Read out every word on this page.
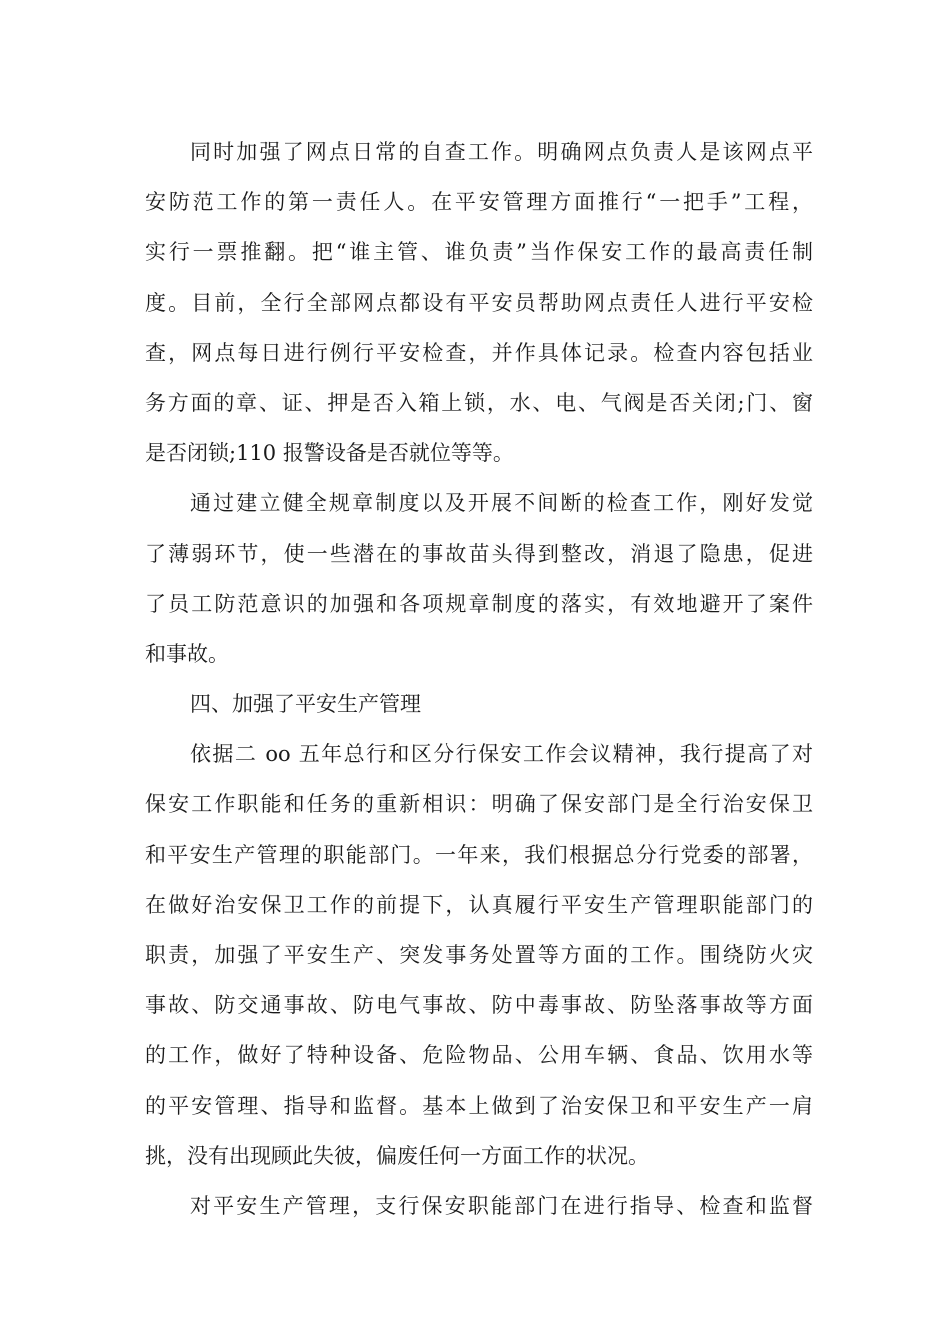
同时加强了网点日常的自查工作。明确网点负责人是该网点平
安防范工作的第一责任人。在平安管理方面推行“一把手”工程，
实行一票推翻。把“谁主管、谁负责”当作保安工作的最高责任制
度。目前，全行全部网点都设有平安员帮助网点责任人进行平安检
查，网点每日进行例行平安检查，并作具体记录。检查内容包括业
务方面的章、证、押是否入箱上锁，水、电、气阀是否关闭;门、窗
是否闭锁;110 报警设备是否就位等等。
通过建立健全规章制度以及开展不间断的检查工作，刚好发觉
了薄弱环节，使一些潜在的事故苗头得到整改，消退了隐患，促进
了员工防范意识的加强和各项规章制度的落实，有效地避开了案件
和事故。
四、加强了平安生产管理
依据二 oo 五年总行和区分行保安工作会议精神，我行提高了对
保安工作职能和任务的重新相识：明确了保安部门是全行治安保卫
和平安生产管理的职能部门。一年来，我们根据总分行党委的部署，
在做好治安保卫工作的前提下，认真履行平安生产管理职能部门的
职责，加强了平安生产、突发事务处置等方面的工作。围绕防火灾
事故、防交通事故、防电气事故、防中毒事故、防坠落事故等方面
的工作，做好了特种设备、危险物品、公用车辆、食品、饮用水等
的平安管理、指导和监督。基本上做到了治安保卫和平安生产一肩
挑，没有出现顾此失彼，偏废任何一方面工作的状况。
对平安生产管理，支行保安职能部门在进行指导、检查和监督
